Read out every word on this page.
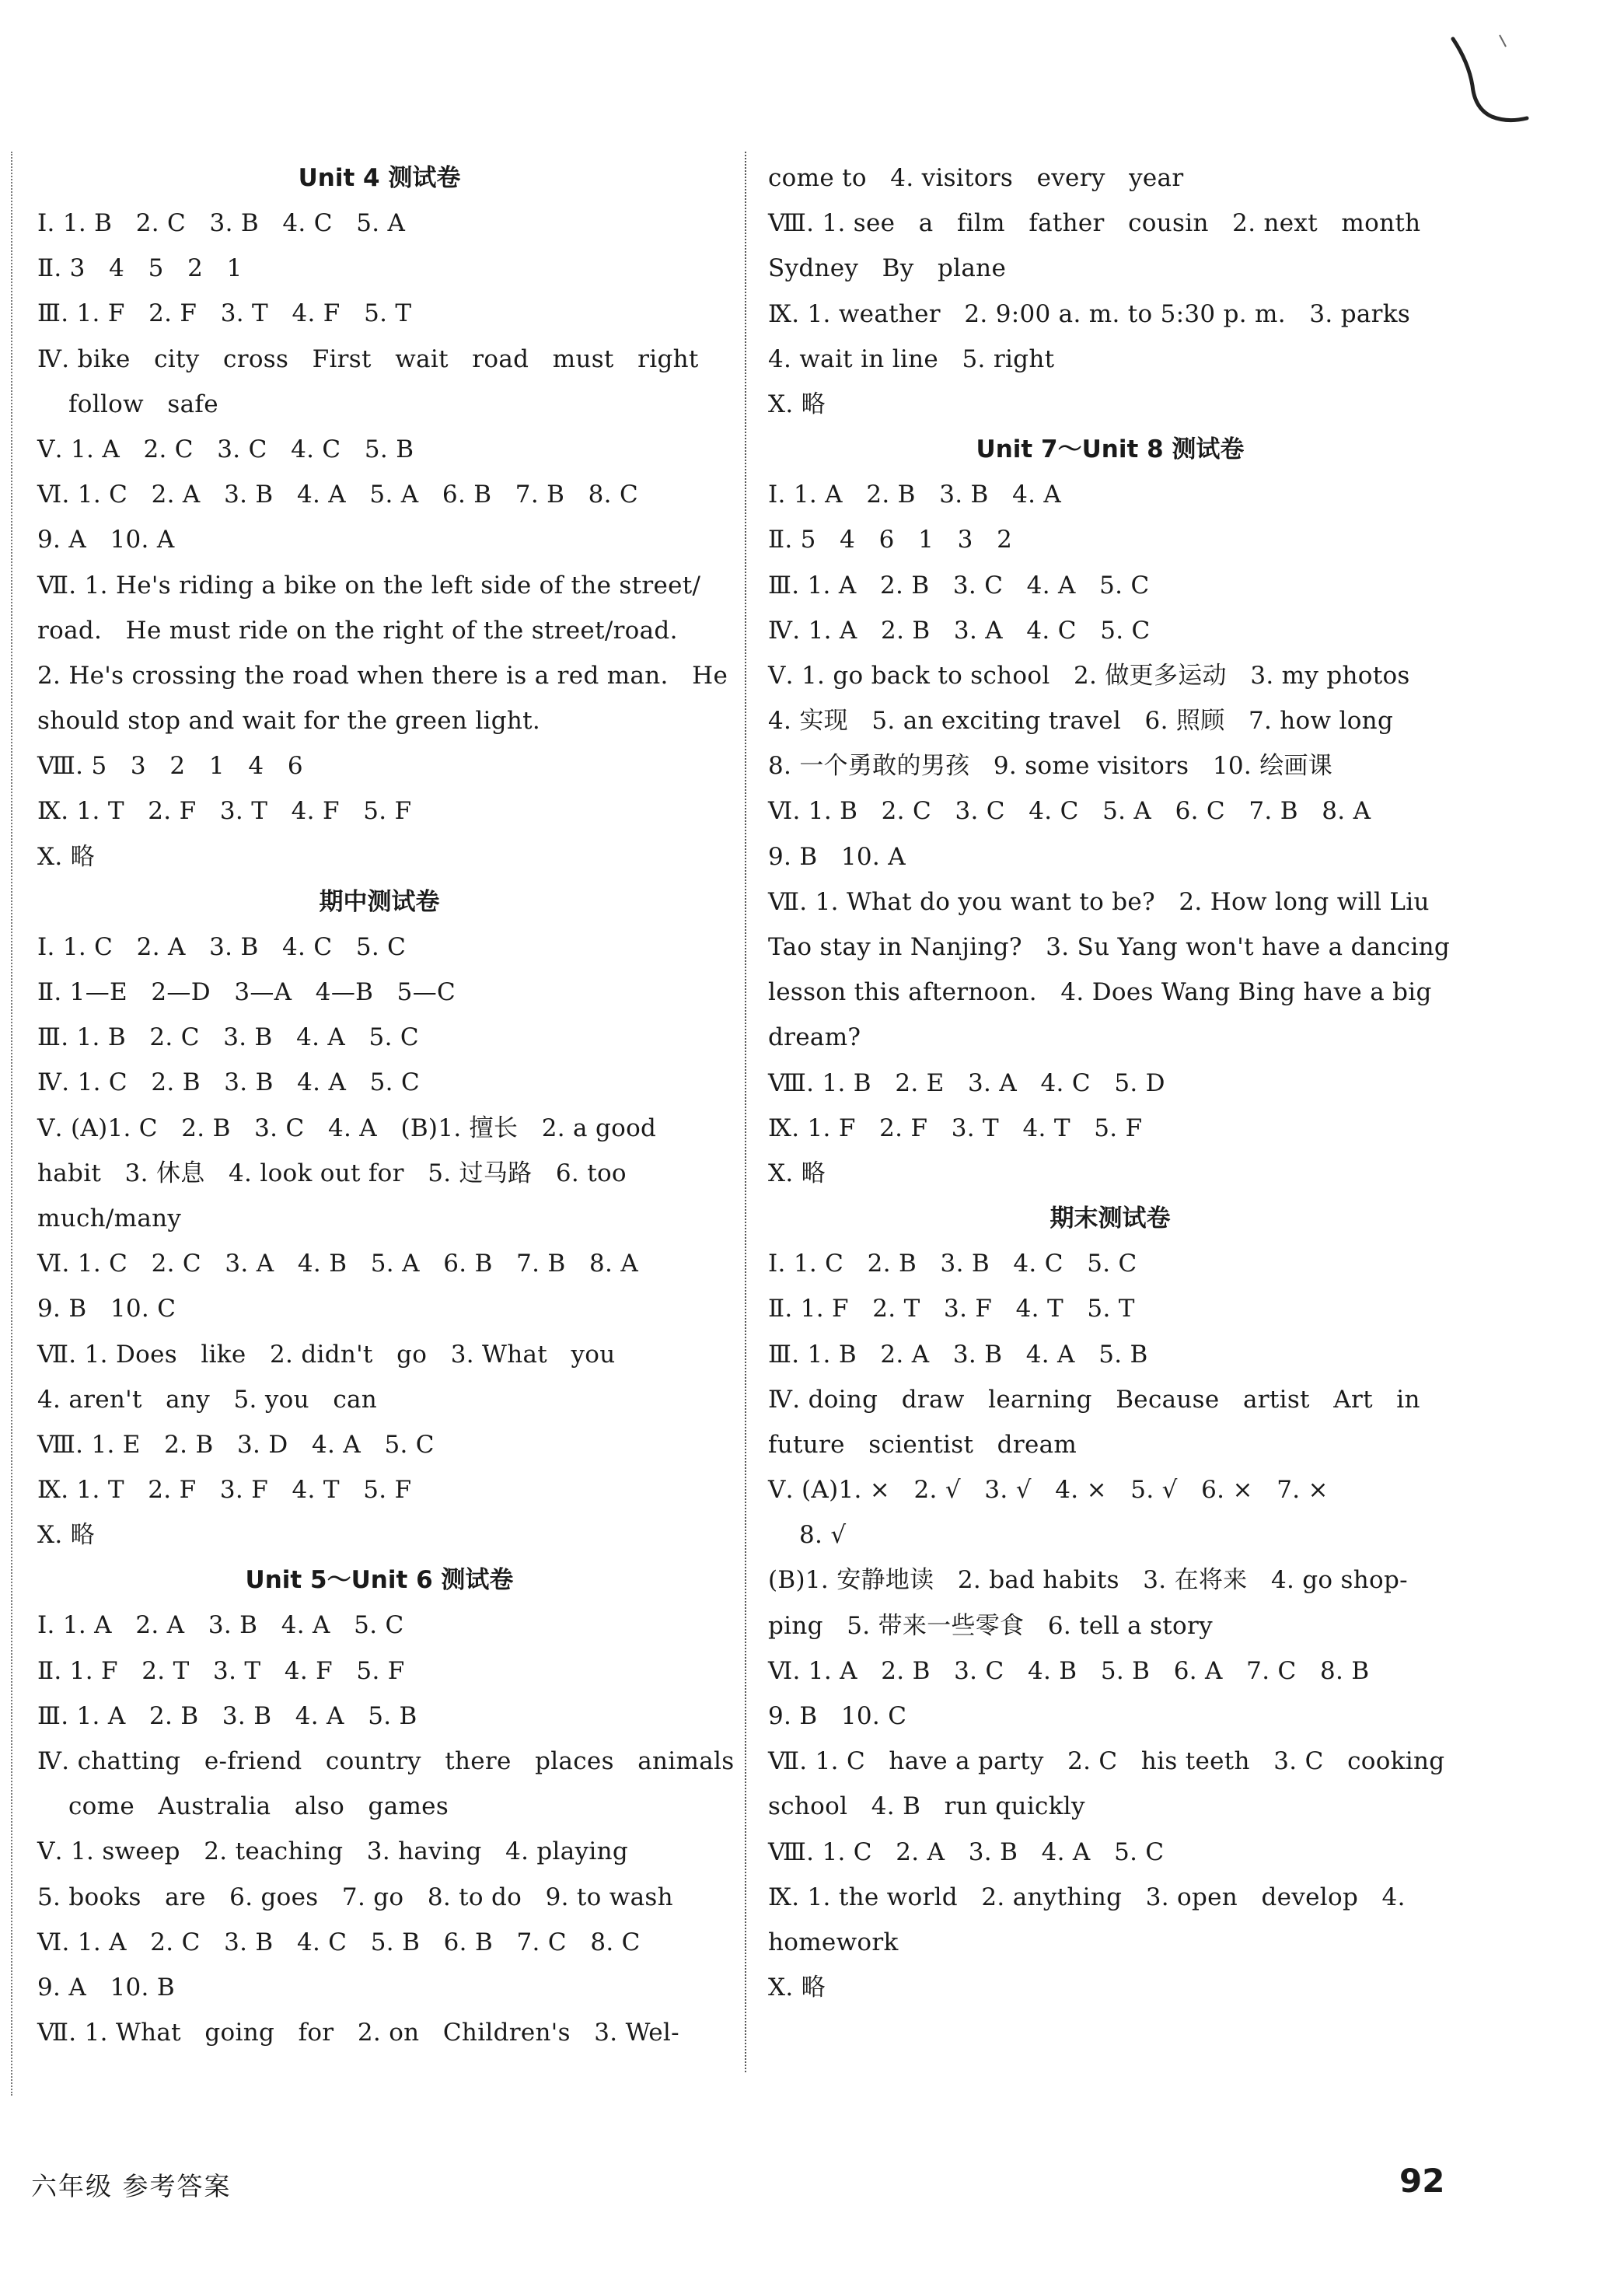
Unit 4 测试卷
Ⅰ. 1. B   2. C   3. B   4. C   5. A
Ⅱ. 3   4   5   2   1
Ⅲ. 1. F   2. F   3. T   4. F   5. T
Ⅳ. bike   city   cross   First   wait   road   must   right
follow   safe
Ⅴ. 1. A   2. C   3. C   4. C   5. B
Ⅵ. 1. C   2. A   3. B   4. A   5. A   6. B   7. B   8. C
9. A   10. A
Ⅶ. 1. He's riding a bike on the left side of the street/
road.   He must ride on the right of the street/road.
2. He's crossing the road when there is a red man.   He
should stop and wait for the green light.
Ⅷ. 5   3   2   1   4   6
Ⅸ. 1. T   2. F   3. T   4. F   5. F
Ⅹ. 略
期中测试卷
Ⅰ. 1. C   2. A   3. B   4. C   5. C
Ⅱ. 1—E   2—D   3—A   4—B   5—C
Ⅲ. 1. B   2. C   3. B   4. A   5. C
Ⅳ. 1. C   2. B   3. B   4. A   5. C
Ⅴ. (A)1. C   2. B   3. C   4. A   (B)1. 擅长   2. a good
habit   3. 休息   4. look out for   5. 过马路   6. too
much/many
Ⅵ. 1. C   2. C   3. A   4. B   5. A   6. B   7. B   8. A
9. B   10. C
Ⅶ. 1. Does   like   2. didn't   go   3. What   you
4. aren't   any   5. you   can
Ⅷ. 1. E   2. B   3. D   4. A   5. C
Ⅸ. 1. T   2. F   3. F   4. T   5. F
Ⅹ. 略
Unit 5～Unit 6 测试卷
Ⅰ. 1. A   2. A   3. B   4. A   5. C
Ⅱ. 1. F   2. T   3. T   4. F   5. F
Ⅲ. 1. A   2. B   3. B   4. A   5. B
Ⅳ. chatting   e-friend   country   there   places   animals
come   Australia   also   games
Ⅴ. 1. sweep   2. teaching   3. having   4. playing
5. books   are   6. goes   7. go   8. to do   9. to wash
Ⅵ. 1. A   2. C   3. B   4. C   5. B   6. B   7. C   8. C
9. A   10. B
Ⅶ. 1. What   going   for   2. on   Children's   3. Wel-
come to   4. visitors   every   year
Ⅷ. 1. see   a   film   father   cousin   2. next   month
Sydney   By   plane
Ⅸ. 1. weather   2. 9:00 a. m. to 5:30 p. m.   3. parks
4. wait in line   5. right
Ⅹ. 略
Unit 7～Unit 8 测试卷
Ⅰ. 1. A   2. B   3. B   4. A
Ⅱ. 5   4   6   1   3   2
Ⅲ. 1. A   2. B   3. C   4. A   5. C
Ⅳ. 1. A   2. B   3. A   4. C   5. C
Ⅴ. 1. go back to school   2. 做更多运动   3. my photos
4. 实现   5. an exciting travel   6. 照顾   7. how long
8. 一个勇敢的男孩   9. some visitors   10. 绘画课
Ⅵ. 1. B   2. C   3. C   4. C   5. A   6. C   7. B   8. A
9. B   10. A
Ⅶ. 1. What do you want to be?   2. How long will Liu
Tao stay in Nanjing?   3. Su Yang won't have a dancing
lesson this afternoon.   4. Does Wang Bing have a big
dream?
Ⅷ. 1. B   2. E   3. A   4. C   5. D
Ⅸ. 1. F   2. F   3. T   4. T   5. F
Ⅹ. 略
期末测试卷
Ⅰ. 1. C   2. B   3. B   4. C   5. C
Ⅱ. 1. F   2. T   3. F   4. T   5. T
Ⅲ. 1. B   2. A   3. B   4. A   5. B
Ⅳ. doing   draw   learning   Because   artist   Art   in
future   scientist   dream
Ⅴ. (A)1. ×   2. √   3. √   4. ×   5. √   6. ×   7. ×
8. √
(B)1. 安静地读   2. bad habits   3. 在将来   4. go shop-
ping   5. 带来一些零食   6. tell a story
Ⅵ. 1. A   2. B   3. C   4. B   5. B   6. A   7. C   8. B
9. B   10. C
Ⅶ. 1. C   have a party   2. C   his teeth   3. C   cooking
school   4. B   run quickly
Ⅷ. 1. C   2. A   3. B   4. A   5. C
Ⅸ. 1. the world   2. anything   3. open   develop   4.
homework
Ⅹ. 略
六年级 参考答案	92
